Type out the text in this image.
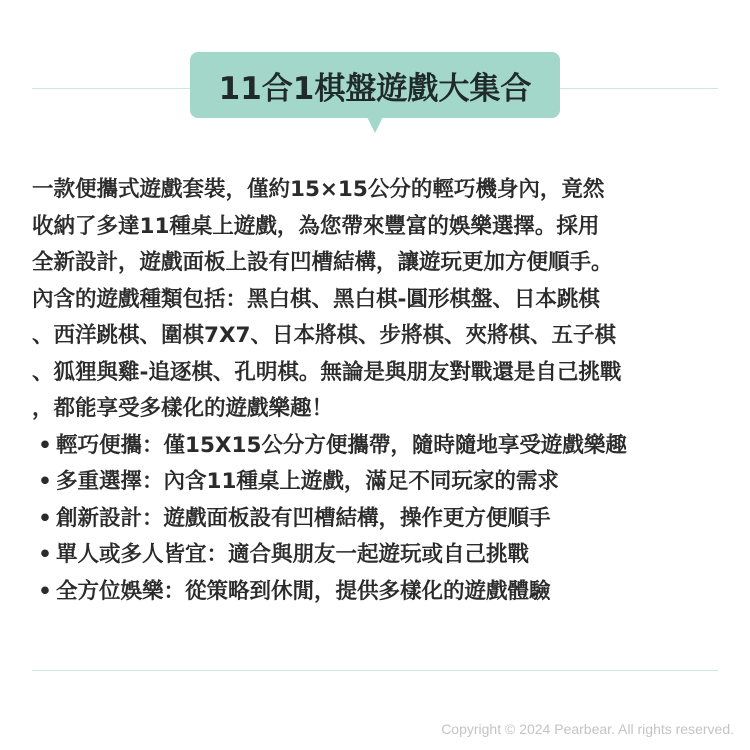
11合1棋盤遊戲大集合
一款便攜式遊戲套裝，僅約15×15公分的輕巧機身內，竟然
收納了多達11種桌上遊戲，為您帶來豐富的娛樂選擇。採用
全新設計，遊戲面板上設有凹槽結構，讓遊玩更加方便順手。
內含的遊戲種類包括：黑白棋、黑白棋-圓形棋盤、日本跳棋
、西洋跳棋、圍棋7X7、日本將棋、步將棋、夾將棋、五子棋
、狐狸與雞-追逐棋、孔明棋。無論是與朋友對戰還是自己挑戰
，都能享受多樣化的遊戲樂趣！
• 輕巧便攜：僅15X15公分方便攜帶，隨時隨地享受遊戲樂趣
• 多重選擇：內含11種桌上遊戲，滿足不同玩家的需求
• 創新設計：遊戲面板設有凹槽結構，操作更方便順手
• 單人或多人皆宜：適合與朋友一起遊玩或自己挑戰
• 全方位娛樂：從策略到休閒，提供多樣化的遊戲體驗
Copyright © 2024 Pearbear. All rights reserved.
